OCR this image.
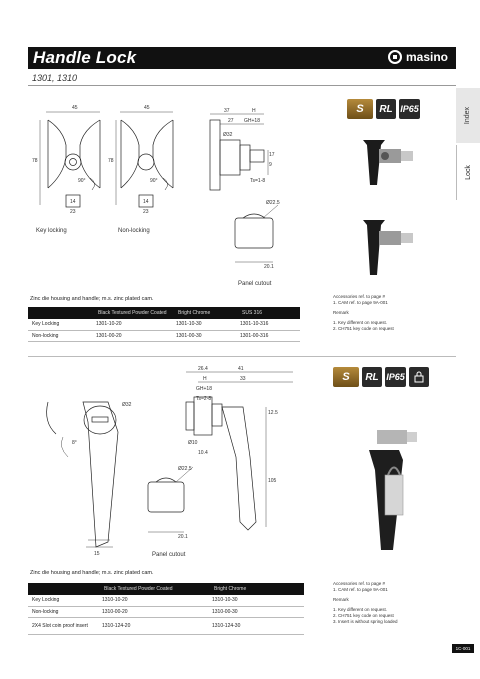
Handle Lock	masino
1301, 1310
Index
Lock
45	45
78	78
90°	90°
14
23
14
23
37	H
27 GH+18
Ø32
17
9
Ts=1-8
Ø22.5
20.1
Key locking	Non-locking
Panel cutout
S	RL IP65
Zinc die housing and handle; m.s. zinc plated cam.
	Black Textured Powder Coated	Bright Chrome	SUS 316
Key Locking	1301-10-20	1301-10-30	1301-10-316
Non-locking	1301-00-20	1301-00-30	1301-00-316

Accessories ref. to page #

1. CAM ref. to page 9A-001

Remark

1. Key different on request.

2. CH751 key code on request

26.4	41
H	33
GH+18
Ts=2-8
Ø32
Ø10
10.4
12.5
105
Ø22.5
20.1
15
8°
Panel cutout
S	RL IP65
Zinc die housing and handle; m.s. zinc plated cam.
	Black Textured Powder Coated	Bright Chrome
Key Locking	1310-10-20	1310-10-30
Non-locking	1310-00-20	1310-00-30
2X4 Slot coin proof insert	1310-124-20	1310-124-30

Accessories ref. to page #

1. CAM ref. to page 9A-001

Remark

1. Key different on request.

2. CH751 key code on request

3. Insert is without spring loaded

1C-001
